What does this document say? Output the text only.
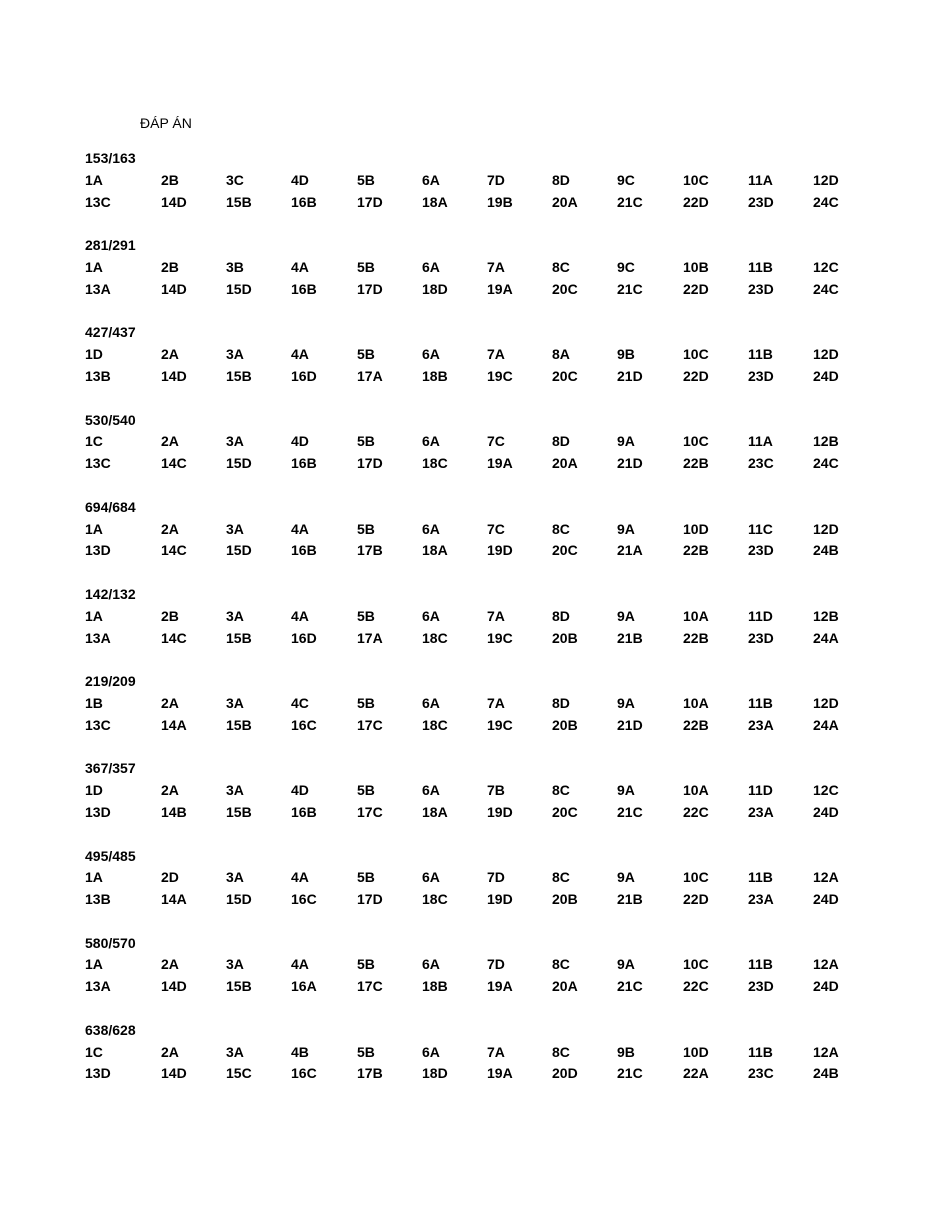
ĐÁP ÁN
153/163
1A	2B	3C	4D	5B	6A	7D	8D	9C	10C	11A	12D
13C	14D	15B	16B	17D	18A	19B	20A	21C	22D	23D	24C
281/291
1A	2B	3B	4A	5B	6A	7A	8C	9C	10B	11B	12C
13A	14D	15D	16B	17D	18D	19A	20C	21C	22D	23D	24C
427/437
1D	2A	3A	4A	5B	6A	7A	8A	9B	10C	11B	12D
13B	14D	15B	16D	17A	18B	19C	20C	21D	22D	23D	24D
530/540
1C	2A	3A	4D	5B	6A	7C	8D	9A	10C	11A	12B
13C	14C	15D	16B	17D	18C	19A	20A	21D	22B	23C	24C
694/684
1A	2A	3A	4A	5B	6A	7C	8C	9A	10D	11C	12D
13D	14C	15D	16B	17B	18A	19D	20C	21A	22B	23D	24B
142/132
1A	2B	3A	4A	5B	6A	7A	8D	9A	10A	11D	12B
13A	14C	15B	16D	17A	18C	19C	20B	21B	22B	23D	24A
219/209
1B	2A	3A	4C	5B	6A	7A	8D	9A	10A	11B	12D
13C	14A	15B	16C	17C	18C	19C	20B	21D	22B	23A	24A
367/357
1D	2A	3A	4D	5B	6A	7B	8C	9A	10A	11D	12C
13D	14B	15B	16B	17C	18A	19D	20C	21C	22C	23A	24D
495/485
1A	2D	3A	4A	5B	6A	7D	8C	9A	10C	11B	12A
13B	14A	15D	16C	17D	18C	19D	20B	21B	22D	23A	24D
580/570
1A	2A	3A	4A	5B	6A	7D	8C	9A	10C	11B	12A
13A	14D	15B	16A	17C	18B	19A	20A	21C	22C	23D	24D
638/628
1C	2A	3A	4B	5B	6A	7A	8C	9B	10D	11B	12A
13D	14D	15C	16C	17B	18D	19A	20D	21C	22A	23C	24B
